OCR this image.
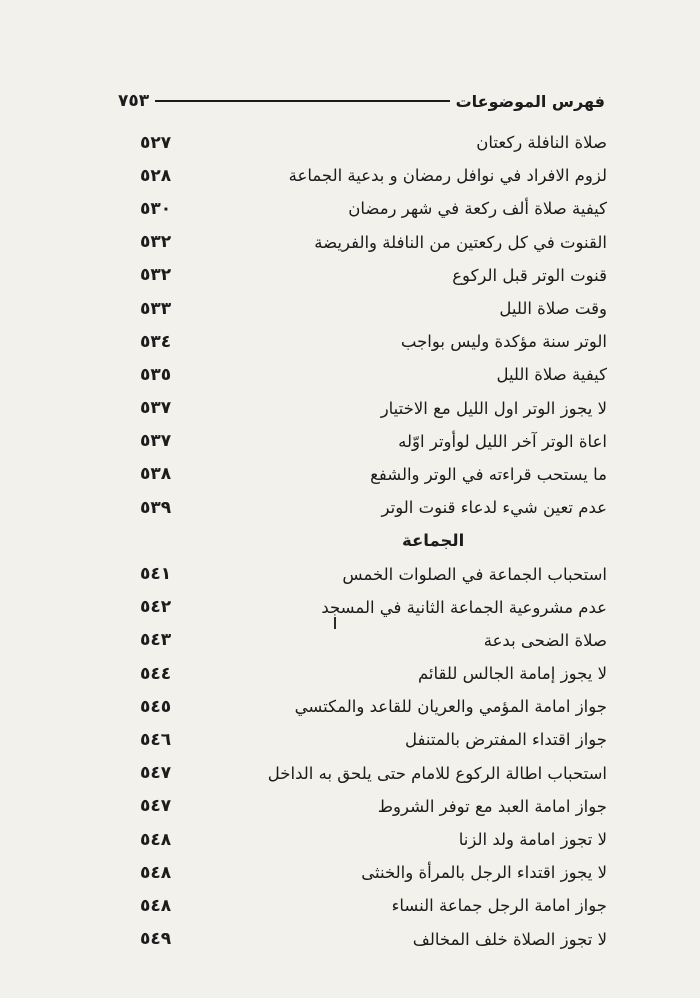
٧٥٣	فهرس الموضوعات
٥٢٧	صلاة النافلة ركعتان
٥٢٨	لزوم الافراد في نوافل رمضان و بدعية الجماعة
٥٣٠	كيفية صلاة ألف ركعة في شهر رمضان
٥٣٢	القنوت في كل ركعتين من النافلة والفريضة
٥٣٢	قنوت الوتر قبل الركوع
٥٣٣	وقت صلاة الليل
٥٣٤	الوتر سنة مؤكدة وليس بواجب
٥٣٥	كيفية صلاة الليل
٥٣٧	لا يجوز الوتر اول الليل مع الاختيار
٥٣٧	اعاة الوتر آخر الليل لوأوتر اوّله
٥٣٨	ما يستحب قراءته في الوتر والشفع
٥٣٩	عدم تعين شيء لدعاء قنوت الوتر
الجماعة
٥٤١	استحباب الجماعة في الصلوات الخمس
٥٤٢	عدم مشروعية الجماعة الثانية في المسجد
٥٤٣	صلاة الضحى بدعة
٥٤٤	لا يجوز إمامة الجالس للقائم
٥٤٥	جواز امامة المؤمي والعريان للقاعد والمكتسي
٥٤٦	جواز اقتداء المفترض بالمتنفل
٥٤٧	استحباب اطالة الركوع للامام حتى يلحق به الداخل
٥٤٧	جواز امامة العبد مع توفر الشروط
٥٤٨	لا تجوز امامة ولد الزنا
٥٤٨	لا يجوز اقتداء الرجل بالمرأة والخنثى
٥٤٨	جواز امامة الرجل جماعة النساء
٥٤٩	لا تجوز الصلاة خلف المخالف
